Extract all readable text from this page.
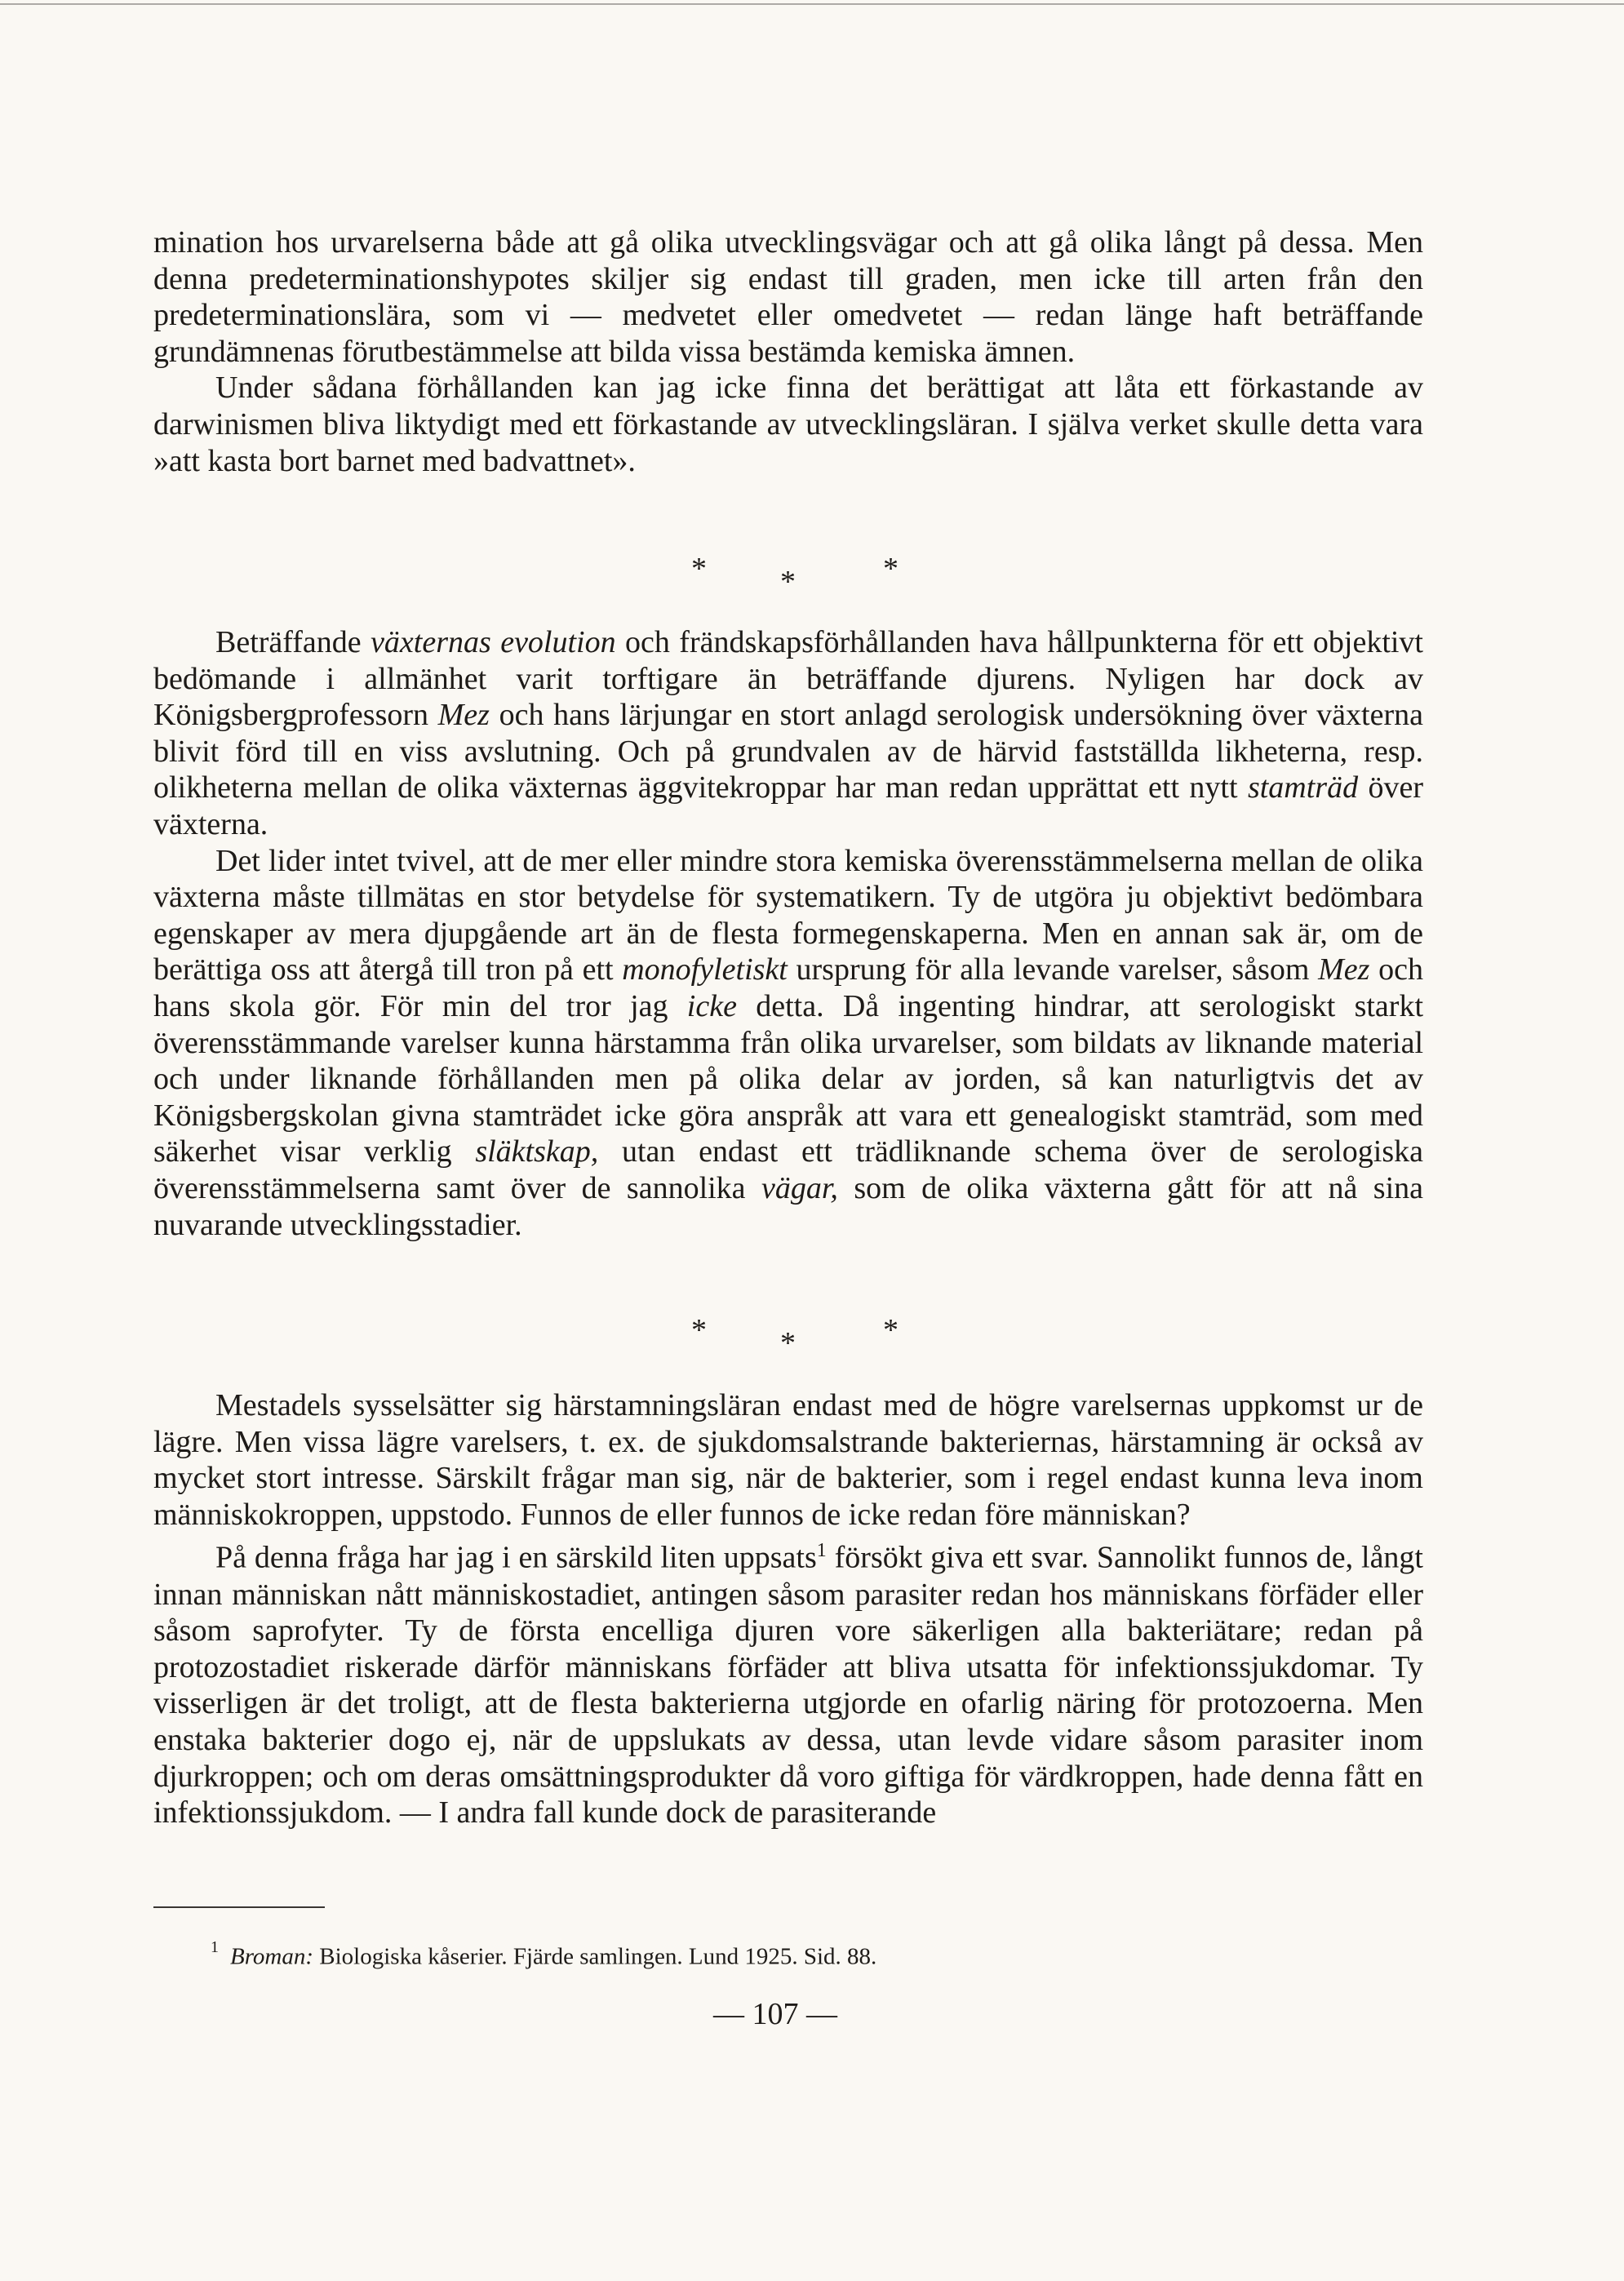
mination hos urvarelserna både att gå olika utvecklingsvägar och att gå olika långt på dessa. Men denna predeterminationshypotes skiljer sig endast till graden, men icke till arten från den predeterminationslära, som vi — medvetet eller omedvetet — redan länge haft beträffande grundämnenas förutbestämmelse att bilda vissa bestämda kemiska ämnen.

Under sådana förhållanden kan jag icke finna det berättigat att låta ett förkastande av darwinismen bliva liktydigt med ett förkastande av utvecklingsläran. I själva verket skulle detta vara »att kasta bort barnet med badvattnet».

* *	*

Beträffande växternas evolution och frändskapsförhållanden hava hållpunkterna för ett objektivt bedömande i allmänhet varit torftigare än beträffande djurens. Nyligen har dock av Königsbergprofessorn Mez och hans lärjungar en stort anlagd serologisk undersökning över växterna blivit förd till en viss avslutning. Och på grundvalen av de härvid fastställda likheterna, resp. olikheterna mellan de olika växternas äggvitekroppar har man redan upprättat ett nytt stamträd över växterna.

Det lider intet tvivel, att de mer eller mindre stora kemiska överensstämmelserna mellan de olika växterna måste tillmätas en stor betydelse för systematikern. Ty de utgöra ju objektivt bedömbara egenskaper av mera djupgående art än de flesta formegenskaperna. Men en annan sak är, om de berättiga oss att återgå till tron på ett monofyletiskt ursprung för alla levande varelser, såsom Mez och hans skola gör. För min del tror jag icke detta. Då ingenting hindrar, att serologiskt starkt överensstämmande varelser kunna härstamma från olika urvarelser, som bildats av liknande material och under liknande förhållanden men på olika delar av jorden, så kan naturligtvis det av Königsbergskolan givna stamträdet icke göra anspråk att vara ett genealogiskt stamträd, som med säkerhet visar verklig släktskap, utan endast ett trädliknande schema över de serologiska överensstämmelserna samt över de sannolika vägar, som de olika växterna gått för att nå sina nuvarande utvecklingsstadier.

* *	*

Mestadels sysselsätter sig härstamningsläran endast med de högre varelsernas uppkomst ur de lägre. Men vissa lägre varelsers, t. ex. de sjukdomsalstrande bakteriernas, härstamning är också av mycket stort intresse. Särskilt frågar man sig, när de bakterier, som i regel endast kunna leva inom människokroppen, uppstodo. Funnos de eller funnos de icke redan före människan?

På denna fråga har jag i en särskild liten uppsats$^1$ försökt giva ett svar. Sannolikt funnos de, långt innan människan nått människostadiet, antingen såsom parasiter redan hos människans förfäder eller såsom saprofyter. Ty de första encelliga djuren vore säkerligen alla bakteriätare; redan på protozostadiet riskerade därför människans förfäder att bliva utsatta för infektionssjukdomar. Ty visserligen är det troligt, att de flesta bakterierna utgjorde en ofarlig näring för protozoerna. Men enstaka bakterier dogo ej, när de uppslukats av dessa, utan levde vidare såsom parasiter inom djurkroppen; och om deras omsättningsprodukter då voro giftiga för värdkroppen, hade denna fått en infektionssjukdom. — I andra fall kunde dock de parasiterande

$^1$ Broman: Biologiska kåserier. Fjärde samlingen. Lund 1925. Sid. 88.
— 107 —
